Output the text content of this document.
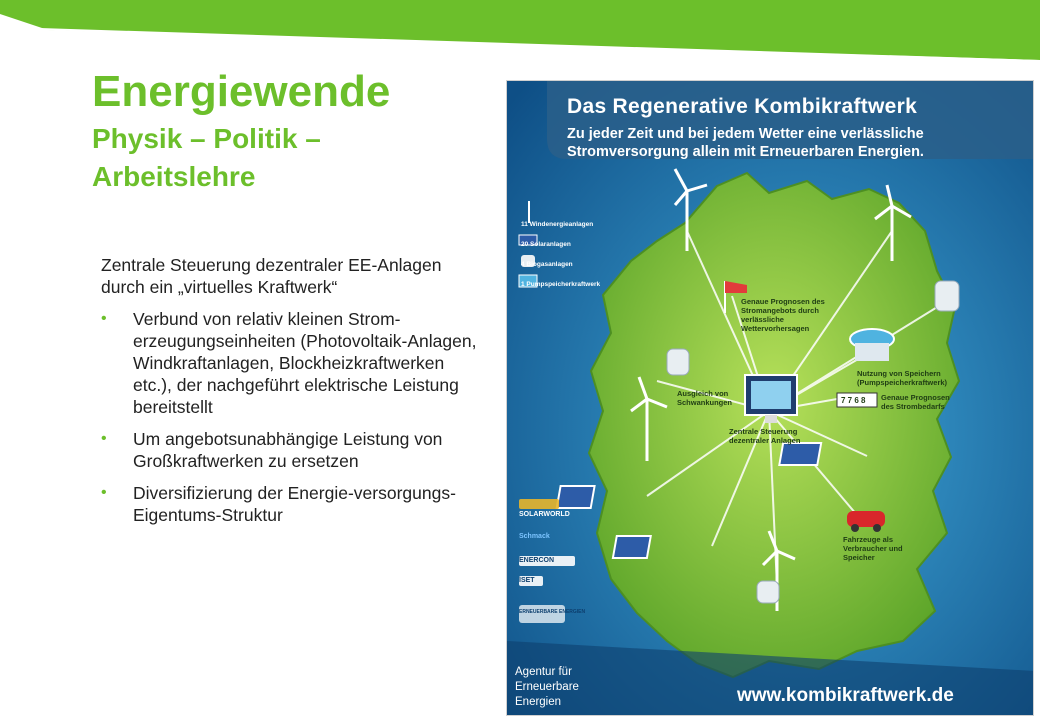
Energiewende
Physik – Politik –
Arbeitslehre

Zentrale Steuerung dezentraler EE-Anlagen durch ein „virtuelles Kraftwerk“

• Verbund von relativ kleinen Strom-erzeugungseinheiten (Photovoltaik-Anlagen, Windkraftanlagen, Blockheizkraftwerken etc.), der nachgeführt elektrische Leistung bereitstellt
• Um angebotsunabhängige Leistung von Großkraftwerken zu ersetzen
• Diversifizierung der Energie-versorgungs-Eigentums-Struktur
Das Regenerative Kombikraftwerk
Zu jeder Zeit und bei jedem Wetter eine verlässliche Stromversorgung allein mit Erneuerbaren Energien.
11 Windenergieanlagen
20 Solaranlagen
4 Biogasanlagen
1 Pumpspeicherkraftwerk
Genaue Prognosen des Stromangebots durch verlässliche Wettervorhersagen
Ausgleich von Schwankungen
Nutzung von Speichern (Pumpspeicherkraftwerk)
Genaue Prognosen des Strombedarfs
7 7 6 8
Zentrale Steuerung dezentraler Anlagen
Fahrzeuge als Verbraucher und Speicher
SOLARWORLD
Schmack
ENERCON
ISET
ERNEUERBARE ENERGIEN
www.kombikraftwerk.de
Agentur für Erneuerbare Energien
